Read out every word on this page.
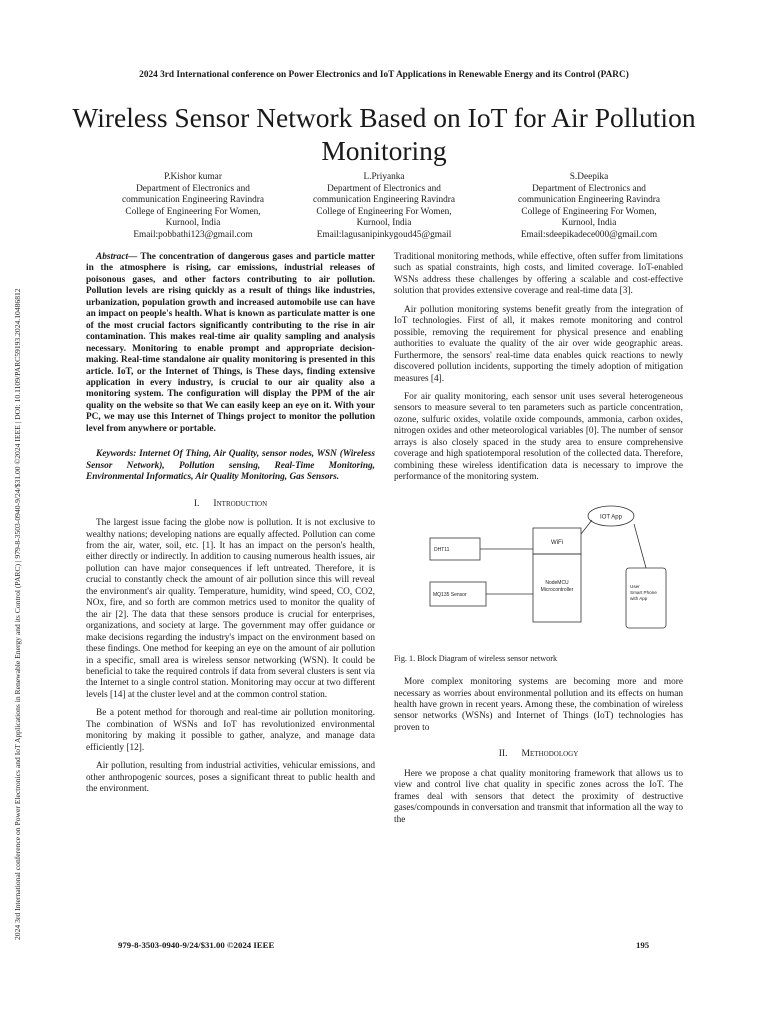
2024 3rd International conference on Power Electronics and IoT Applications in Renewable Energy and its Control (PARC) | 979-8-3503-0940-9/24/$31.00 ©2024 IEEE | DOI: 10.1109/PARC59193.2024.10486812
2024 3rd International conference on Power Electronics and IoT Applications in Renewable Energy and its Control (PARC)
Wireless Sensor Network Based on IoT for Air Pollution Monitoring
P.Kishor kumar
Department of Electronics and
communication Engineering Ravindra
College of Engineering For Women,
Kurnool, India
Email:pobbathi123@gmail.com
L.Priyanka
Department of Electronics and
communication Engineering Ravindra
College of Engineering For Women,
Kurnool, India
Email:lagusanipinkygoud45@gmail
S.Deepika
Department of Electronics and
communication Engineering Ravindra
College of Engineering For Women,
Kurnool, India
Email:sdeepikadece000@gmail.com

Abstract— The concentration of dangerous gases and particle matter in the atmosphere is rising, car emissions, industrial releases of poisonous gases, and other factors contributing to air pollution. Pollution levels are rising quickly as a result of things like industries, urbanization, population growth and increased automobile use can have an impact on people's health. What is known as particulate matter is one of the most crucial factors significantly contributing to the rise in air contamination. This makes real-time air quality sampling and analysis necessary. Monitoring to enable prompt and appropriate decision-making. Real-time standalone air quality monitoring is presented in this article. IoT, or the Internet of Things, is These days, finding extensive application in every industry, is crucial to our air quality also a monitoring system. The configuration will display the PPM of the air quality on the website so that We can easily keep an eye on it. With your PC, we may use this Internet of Things project to monitor the pollution level from anywhere or portable.

Keywords: Internet Of Thing, Air Quality, sensor nodes, WSN (Wireless Sensor Network), Pollution sensing, Real-Time Monitoring, Environmental Informatics, Air Quality Monitoring, Gas Sensors.

I. Introduction

The largest issue facing the globe now is pollution. It is not exclusive to wealthy nations; developing nations are equally affected. Pollution can come from the air, water, soil, etc. [1]. It has an impact on the person's health, either directly or indirectly. In addition to causing numerous health issues, air pollution can have major consequences if left untreated. Therefore, it is crucial to constantly check the amount of air pollution since this will reveal the environment's air quality. Temperature, humidity, wind speed, CO, CO2, NOx, fire, and so forth are common metrics used to monitor the quality of the air [2]. The data that these sensors produce is crucial for enterprises, organizations, and society at large. The government may offer guidance or make decisions regarding the industry's impact on the environment based on these findings. One method for keeping an eye on the amount of air pollution in a specific, small area is wireless sensor networking (WSN). It could be beneficial to take the required controls if data from several clusters is sent via the Internet to a single control station. Monitoring may occur at two different levels [14] at the cluster level and at the common control station.

Be a potent method for thorough and real-time air pollution monitoring. The combination of WSNs and IoT has revolutionized environmental monitoring by making it possible to gather, analyze, and manage data efficiently [12].

Air pollution, resulting from industrial activities, vehicular emissions, and other anthropogenic sources, poses a significant threat to public health and the environment.

Traditional monitoring methods, while effective, often suffer from limitations such as spatial constraints, high costs, and limited coverage. IoT-enabled WSNs address these challenges by offering a scalable and cost-effective solution that provides extensive coverage and real-time data [3].

Air pollution monitoring systems benefit greatly from the integration of IoT technologies. First of all, it makes remote monitoring and control possible, removing the requirement for physical presence and enabling authorities to evaluate the quality of the air over wide geographic areas. Furthermore, the sensors' real-time data enables quick reactions to newly discovered pollution incidents, supporting the timely adoption of mitigation measures [4].

For air quality monitoring, each sensor unit uses several heterogeneous sensors to measure several to ten parameters such as particle concentration, ozone, sulfuric oxides, volatile oxide compounds, ammonia, carbon oxides, nitrogen oxides and other meteorological variables [0]. The number of sensor arrays is also closely spaced in the study area to ensure comprehensive coverage and high spatiotemporal resolution of the collected data. Therefore, combining these wireless identification data is necessary to improve the performance of the monitoring system.

IOT App
WiFi
NodeMCU
Microcontroller
DHT11
MQ135 Sensor
User
Smart Phone
with App

Fig. 1. Block Diagram of wireless sensor network

More complex monitoring systems are becoming more and more necessary as worries about environmental pollution and its effects on human health have grown in recent years. Among these, the combination of wireless sensor networks (WSNs) and Internet of Things (IoT) technologies has proven to

II. Methodology

Here we propose a chat quality monitoring framework that allows us to view and control live chat quality in specific zones across the IoT. The frames deal with sensors that detect the proximity of destructive gases/compounds in conversation and transmit that information all the way to the

979-8-3503-0940-9/24/$31.00 ©2024 IEEE	195
